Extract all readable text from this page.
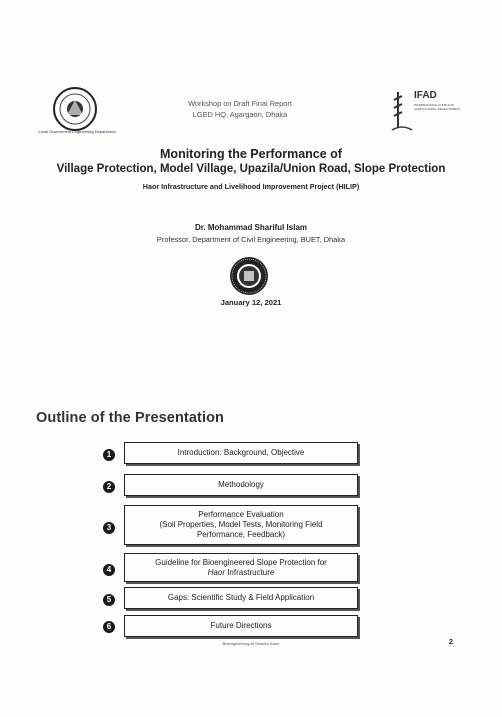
Local Government Engineering Department
Workshop on Draft Final Report
LGED HQ, Agargaon, Dhaka
IFAD
INTERNATIONAL FUND FOR AGRICULTURAL DEVELOPMENT
Monitoring the Performance of
Village Protection, Model Village, Upazila/Union Road, Slope Protection
Haor Infrastructure and Livelihood Improvement Project (HILIP)
Dr. Mohammad Shariful Islam
Professor, Department of Civil Engineering, BUET, Dhaka
January 12, 2021
Outline of the Presentation
1	Introduction: Background, Objective
2	Methodology
3
Performance Evaluation
(Soil Properties, Model Tests, Monitoring Field
Performance, Feedback)
4
Guideline for Bioengineered Slope Protection for
Haor Infrastructure
5	Gaps: Scientific Study & Field Application
6	Future Directions
Bioengineering-M Shariful Islam	2
